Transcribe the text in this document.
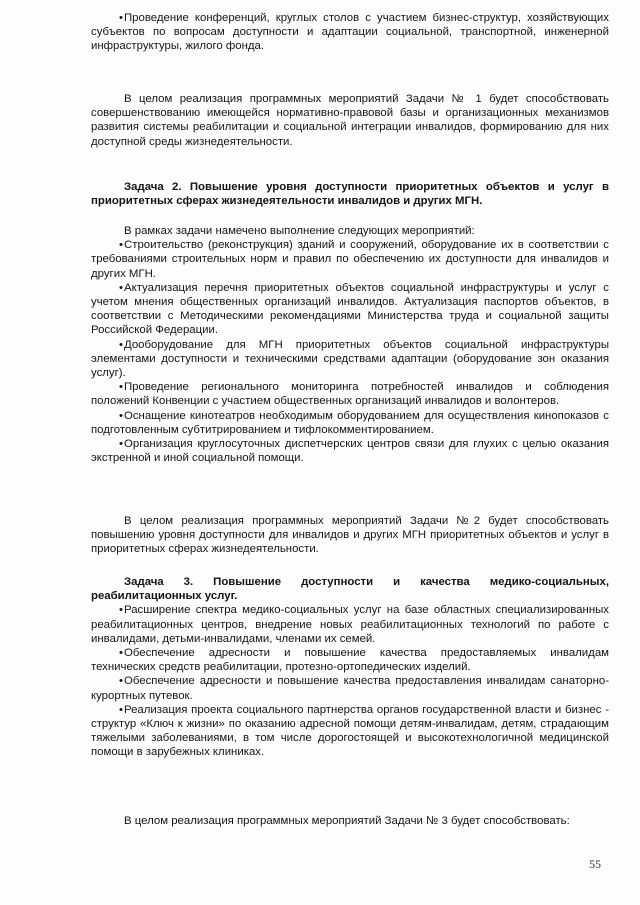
• Проведение конференций, круглых столов с участием бизнес-структур, хозяйствующих субъектов по вопросам доступности и адаптации социальной, транспортной, инженерной инфраструктуры, жилого фонда.

В целом реализация программных мероприятий Задачи № 1 будет способствовать совершенствованию имеющейся нормативно-правовой базы и организационных механизмов развития системы реабилитации и социальной интеграции инвалидов, формированию для них доступной среды жизнедеятельности.

Задача 2. Повышение уровня доступности приоритетных объектов и услуг в приоритетных сферах жизнедеятельности инвалидов и других МГН.

В рамках задачи намечено выполнение следующих мероприятий:

• Строительство (реконструкция) зданий и сооружений, оборудование их в соответствии с требованиями строительных норм и правил по обеспечению их доступности для инвалидов и других МГН.

• Актуализация перечня приоритетных объектов социальной инфраструктуры и услуг с учетом мнения общественных организаций инвалидов. Актуализация паспортов объектов, в соответствии с Методическими рекомендациями Министерства труда и социальной защиты Российской Федерации.

• Дооборудование для МГН приоритетных объектов социальной инфраструктуры элементами доступности и техническими средствами адаптации (оборудование зон оказания услуг).

• Проведение регионального мониторинга потребностей инвалидов и соблюдения положений Конвенции с участием общественных организаций инвалидов и волонтеров.

• Оснащение кинотеатров необходимым оборудованием для осуществления кинопоказов с подготовленным субтитрированием и тифлокомментированием.

• Организация круглосуточных диспетчерских центров связи для глухих с целью оказания экстренной и иной социальной помощи.

В целом реализация программных мероприятий Задачи №2 будет способствовать повышению уровня доступности для инвалидов и других МГН приоритетных объектов и услуг в приоритетных сферах жизнедеятельности.

Задача 3. Повышение доступности и качества медико-социальных, реабилитационных услуг.

• Расширение спектра медико-социальных услуг на базе областных специализированных реабилитационных центров, внедрение новых реабилитационных технологий по работе с инвалидами, детьми-инвалидами, членами их семей.

• Обеспечение адресности и повышение качества предоставляемых инвалидам технических средств реабилитации, протезно-ортопедических изделий.

• Обеспечение адресности и повышение качества предоставления инвалидам санаторно-курортных путевок.

• Реализация проекта социального партнерства органов государственной власти и бизнес - структур «Ключ к жизни» по оказанию адресной помощи детям-инвалидам, детям, страдающим тяжелыми заболеваниями, в том числе дорогостоящей и высокотехнологичной медицинской помощи в зарубежных клиниках.

В целом реализация программных мероприятий Задачи № 3 будет способствовать:

55
